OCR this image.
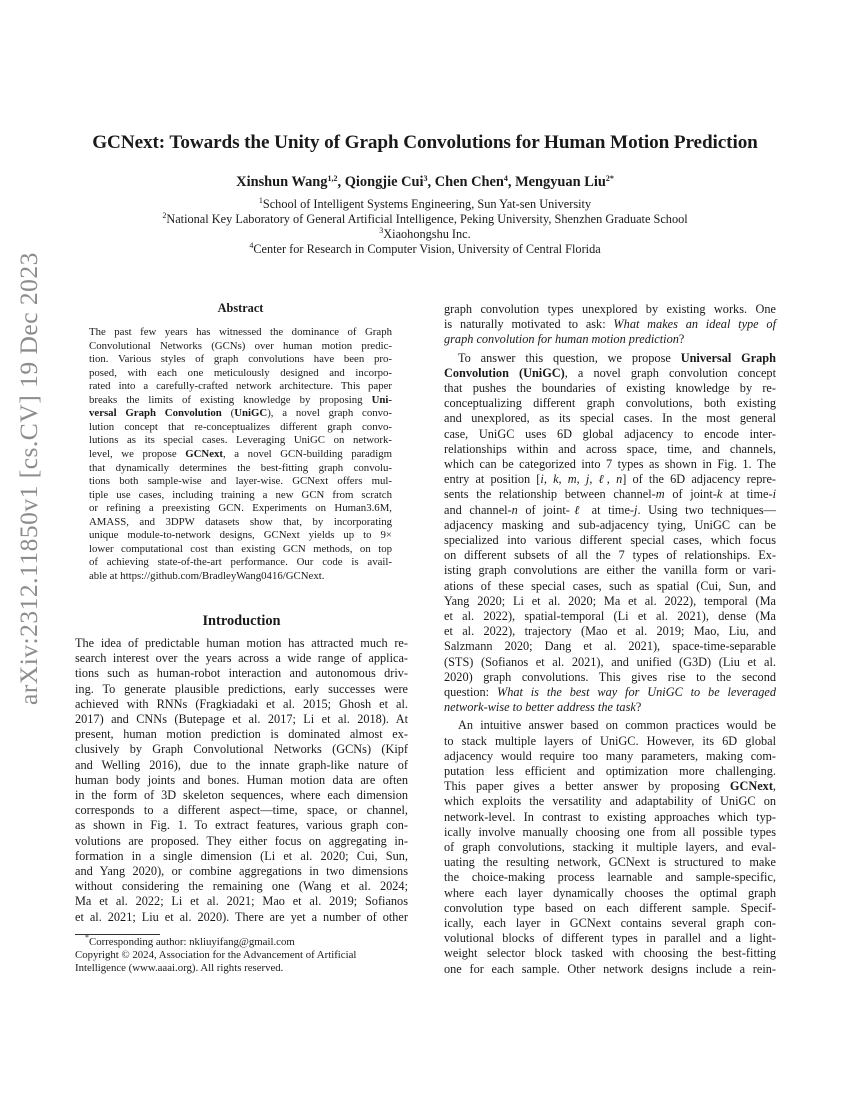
arXiv:2312.11850v1 [cs.CV] 19 Dec 2023
GCNext: Towards the Unity of Graph Convolutions for Human Motion Prediction
Xinshun Wang$^{1,2}$, Qiongjie Cui$^3$, Chen Chen$^4$, Mengyuan Liu$^{2*}$
$^1$School of Intelligent Systems Engineering, Sun Yat-sen University
$^2$National Key Laboratory of General Artificial Intelligence, Peking University, Shenzhen Graduate School
$^3$Xiaohongshu Inc.
$^4$Center for Research in Computer Vision, University of Central Florida
Abstract
The past few years has witnessed the dominance of Graph
Convolutional Networks (GCNs) over human motion predic-
tion. Various styles of graph convolutions have been pro-
posed, with each one meticulously designed and incorpo-
rated into a carefully-crafted network architecture. This paper
breaks the limits of existing knowledge by proposing Uni-
versal Graph Convolution (UniGC), a novel graph convo-
lution concept that re-conceptualizes different graph convo-
lutions as its special cases. Leveraging UniGC on network-
level, we propose GCNext, a novel GCN-building paradigm
that dynamically determines the best-fitting graph convolu-
tions both sample-wise and layer-wise. GCNext offers mul-
tiple use cases, including training a new GCN from scratch
or refining a preexisting GCN. Experiments on Human3.6M,
AMASS, and 3DPW datasets show that, by incorporating
unique module-to-network designs, GCNext yields up to 9×
lower computational cost than existing GCN methods, on top
of achieving state-of-the-art performance. Our code is avail-
able at https://github.com/BradleyWang0416/GCNext.
Introduction
The idea of predictable human motion has attracted much re-
search interest over the years across a wide range of applica-
tions such as human-robot interaction and autonomous driv-
ing. To generate plausible predictions, early successes were
achieved with RNNs (Fragkiadaki et al. 2015; Ghosh et al.
2017) and CNNs (Butepage et al. 2017; Li et al. 2018). At
present, human motion prediction is dominated almost ex-
clusively by Graph Convolutional Networks (GCNs) (Kipf
and Welling 2016), due to the innate graph-like nature of
human body joints and bones. Human motion data are often
in the form of 3D skeleton sequences, where each dimension
corresponds to a different aspect—time, space, or channel,
as shown in Fig. 1. To extract features, various graph con-
volutions are proposed. They either focus on aggregating in-
formation in a single dimension (Li et al. 2020; Cui, Sun,
and Yang 2020), or combine aggregations in two dimensions
without considering the remaining one (Wang et al. 2024;
Ma et al. 2022; Li et al. 2021; Mao et al. 2019; Sofianos
et al. 2021; Liu et al. 2020). There are yet a number of other
graph convolution types unexplored by existing works. One
is naturally motivated to ask: What makes an ideal type of
graph convolution for human motion prediction?
To answer this question, we propose Universal Graph
Convolution (UniGC), a novel graph convolution concept
that pushes the boundaries of existing knowledge by re-
conceptualizing different graph convolutions, both existing
and unexplored, as its special cases. In the most general
case, UniGC uses 6D global adjacency to encode inter-
relationships within and across space, time, and channels,
which can be categorized into 7 types as shown in Fig. 1. The
entry at position [i, k, m, j, ℓ, n] of the 6D adjacency repre-
sents the relationship between channel-m of joint-k at time-i
and channel-n of joint-ℓ at time-j. Using two techniques—
adjacency masking and sub-adjacency tying, UniGC can be
specialized into various different special cases, which focus
on different subsets of all the 7 types of relationships. Ex-
isting graph convolutions are either the vanilla form or vari-
ations of these special cases, such as spatial (Cui, Sun, and
Yang 2020; Li et al. 2020; Ma et al. 2022), temporal (Ma
et al. 2022), spatial-temporal (Li et al. 2021), dense (Ma
et al. 2022), trajectory (Mao et al. 2019; Mao, Liu, and
Salzmann 2020; Dang et al. 2021), space-time-separable
(STS) (Sofianos et al. 2021), and unified (G3D) (Liu et al.
2020) graph convolutions. This gives rise to the second
question: What is the best way for UniGC to be leveraged
network-wise to better address the task?
An intuitive answer based on common practices would be
to stack multiple layers of UniGC. However, its 6D global
adjacency would require too many parameters, making com-
putation less efficient and optimization more challenging.
This paper gives a better answer by proposing GCNext,
which exploits the versatility and adaptability of UniGC on
network-level. In contrast to existing approaches which typ-
ically involve manually choosing one from all possible types
of graph convolutions, stacking it multiple layers, and eval-
uating the resulting network, GCNext is structured to make
the choice-making process learnable and sample-specific,
where each layer dynamically chooses the optimal graph
convolution type based on each different sample. Specif-
ically, each layer in GCNext contains several graph con-
volutional blocks of different types in parallel and a light-
weight selector block tasked with choosing the best-fitting
one for each sample. Other network designs include a rein-
*Corresponding author: nkliuyifang@gmail.com
Copyright © 2024, Association for the Advancement of Artificial
Intelligence (www.aaai.org). All rights reserved.
